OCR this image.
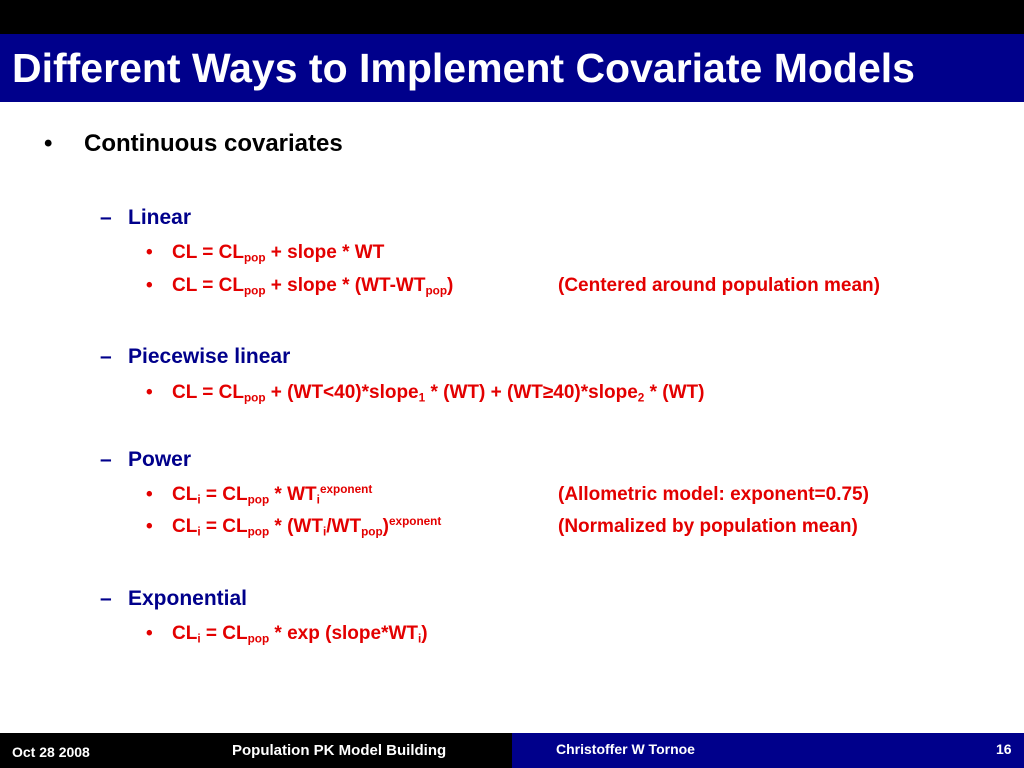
Different Ways to Implement Covariate Models
• Continuous covariates
– Linear
• CL = $CL_{pop}$ + slope * WT
• CL = $CL_{pop}$ + slope * $(WT-WT_{pop})$	(Centered around population mean)
– Piecewise linear
• CL = $CL_{pop}$ + (WT<40)*slope$_1$ * (WT) + (WT≥40)*slope$_2$ * (WT)
– Power
• $CL_i = CL_{pop} * WT_i^{exponent}$	(Allometric model: exponent=0.75)
• $CL_i = CL_{pop} * (WT_i/WT_{pop})^{exponent}$	(Normalized by population mean)
– Exponential
• $CL_i = CL_{pop} * \exp$ $(slope*WT_i)$
Oct 28 2008	Population PK Model Building	Christoffer W Tornoe	16
